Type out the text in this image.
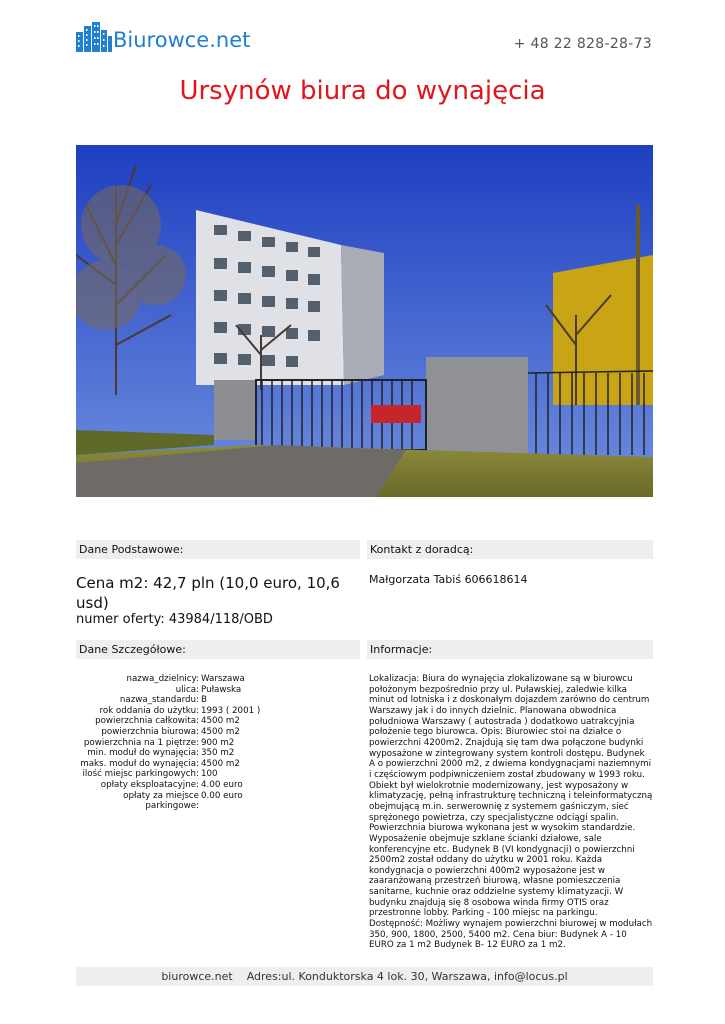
Biurowce.net	+ 48 22 828-28-73
Ursynów biura do wynajęcia
Dane Podstawowe:	Kontakt z doradcą:
Cena m2: 42,7 pln (10,0 euro, 10,6 usd)
numer oferty: 43984/118/OBD
Małgorzata Tabiś 606618614
Dane Szczegółowe:	Informacje:
nazwa_dzielnicy: Warszawa
ulica: Puławska
nazwa_standardu: B
rok oddania do użytku: 1993 ( 2001 )
powierzchnia całkowita: 4500 m2
powierzchnia biurowa: 4500 m2
powierzchnia na 1 piętrze: 900 m2
min. moduł do wynajęcia: 350 m2
maks. moduł do wynajęcia: 4500 m2
ilość miejsc parkingowych: 100
opłaty eksploatacyjne: 4.00 euro
opłaty za miejsce parkingowe:
0.00 euro
Lokalizacja: Biura do wynajęcia zlokalizowane są w biurowcu położonym bezpośrednio przy ul. Puławskiej, zaledwie kilka minut od lotniska i z doskonałym dojazdem zarówno do centrum Warszawy jak i do innych dzielnic. Planowana obwodnica południowa Warszawy ( autostrada ) dodatkowo uatrakcyjnia położenie tego biurowca. Opis: Biurowiec stoi na działce o powierzchni 4200m2. Znajdują się tam dwa połączone budynki wyposażone w zintegrowany system kontroli dostępu. Budynek A o powierzchni 2000 m2, z dwiema kondygnacjami naziemnymi i częściowym podpiwniczeniem został zbudowany w 1993 roku. Obiekt był wielokrotnie modernizowany, jest wyposażony w klimatyzację, pełną infrastrukturę techniczną i teleinformatyczną obejmującą m.in. serwerownię z systemem gaśniczym, sieć sprężonego powietrza, czy specjalistyczne odciągi spalin. Powierzchnia biurowa wykonana jest w wysokim standardzie. Wyposażenie obejmuje szklane ścianki działowe, sale konferencyjne etc. Budynek B (VI kondygnacji) o powierzchni 2500m2 został oddany do użytku w 2001 roku. Każda kondygnacja o powierzchni 400m2 wyposażone jest w zaaranżowaną przestrzeń biurową, własne pomieszczenia sanitarne, kuchnie oraz oddzielne systemy klimatyzacji. W budynku znajdują się 8 osobowa winda firmy OTIS oraz przestronne lobby. Parking - 100 miejsc na parkingu. Dostępność: Możliwy wynajem powierzchni biurowej w modułach 350, 900, 1800, 2500, 5400 m2. Cena biur: Budynek A - 10 EURO za 1 m2 Budynek B- 12 EURO za 1 m2.
biurowce.net Adres:ul. Konduktorska 4 lok. 30, Warszawa, info@locus.pl
